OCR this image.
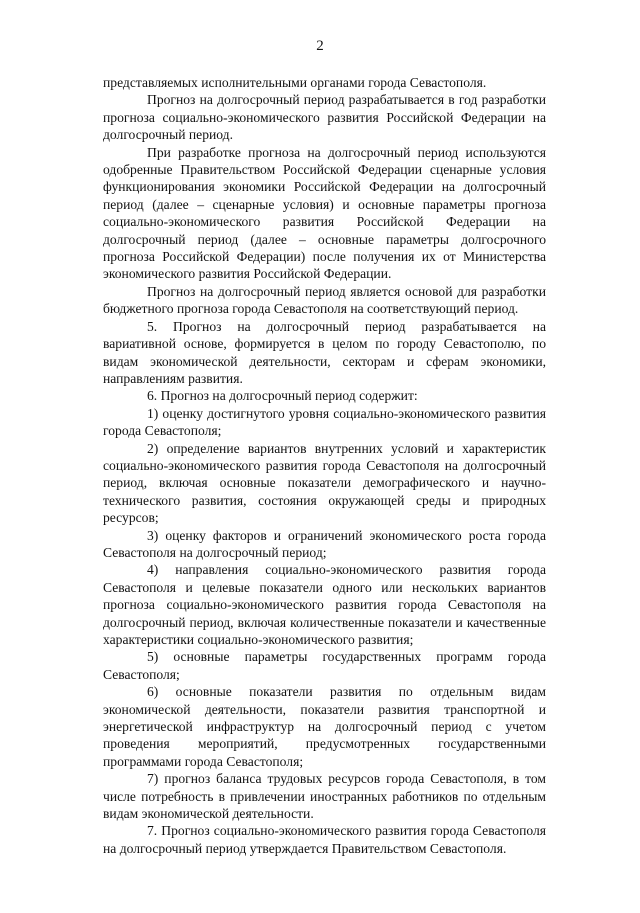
2

представляемых исполнительными органами города Севастополя.

Прогноз на долгосрочный период разрабатывается в год разработки прогноза социально-экономического развития Российской Федерации на долгосрочный период.

При разработке прогноза на долгосрочный период используются одобренные Правительством Российской Федерации сценарные условия функционирования экономики Российской Федерации на долгосрочный период (далее – сценарные условия) и основные параметры прогноза социально-экономического развития Российской Федерации на долгосрочный период (далее – основные параметры долгосрочного прогноза Российской Федерации) после получения их от Министерства экономического развития Российской Федерации.

Прогноз на долгосрочный период является основой для разработки бюджетного прогноза города Севастополя на соответствующий период.

5. Прогноз на долгосрочный период разрабатывается на вариативной основе, формируется в целом по городу Севастополю, по видам экономической деятельности, секторам и сферам экономики, направлениям развития.

6. Прогноз на долгосрочный период содержит:

1) оценку достигнутого уровня социально-экономического развития города Севастополя;

2) определение вариантов внутренних условий и характеристик социально-экономического развития города Севастополя на долгосрочный период, включая основные показатели демографического и научно-технического развития, состояния окружающей среды и природных ресурсов;

3) оценку факторов и ограничений экономического роста города Севастополя на долгосрочный период;

4) направления социально-экономического развития города Севастополя и целевые показатели одного или нескольких вариантов прогноза социально-экономического развития города Севастополя на долгосрочный период, включая количественные показатели и качественные характеристики социально-экономического развития;

5) основные параметры государственных программ города Севастополя;

6) основные показатели развития по отдельным видам экономической деятельности, показатели развития транспортной и энергетической инфраструктур на долгосрочный период с учетом проведения мероприятий, предусмотренных государственными программами города Севастополя;

7) прогноз баланса трудовых ресурсов города Севастополя, в том числе потребность в привлечении иностранных работников по отдельным видам экономической деятельности.

7. Прогноз социально-экономического развития города Севастополя на долгосрочный период утверждается Правительством Севастополя.
